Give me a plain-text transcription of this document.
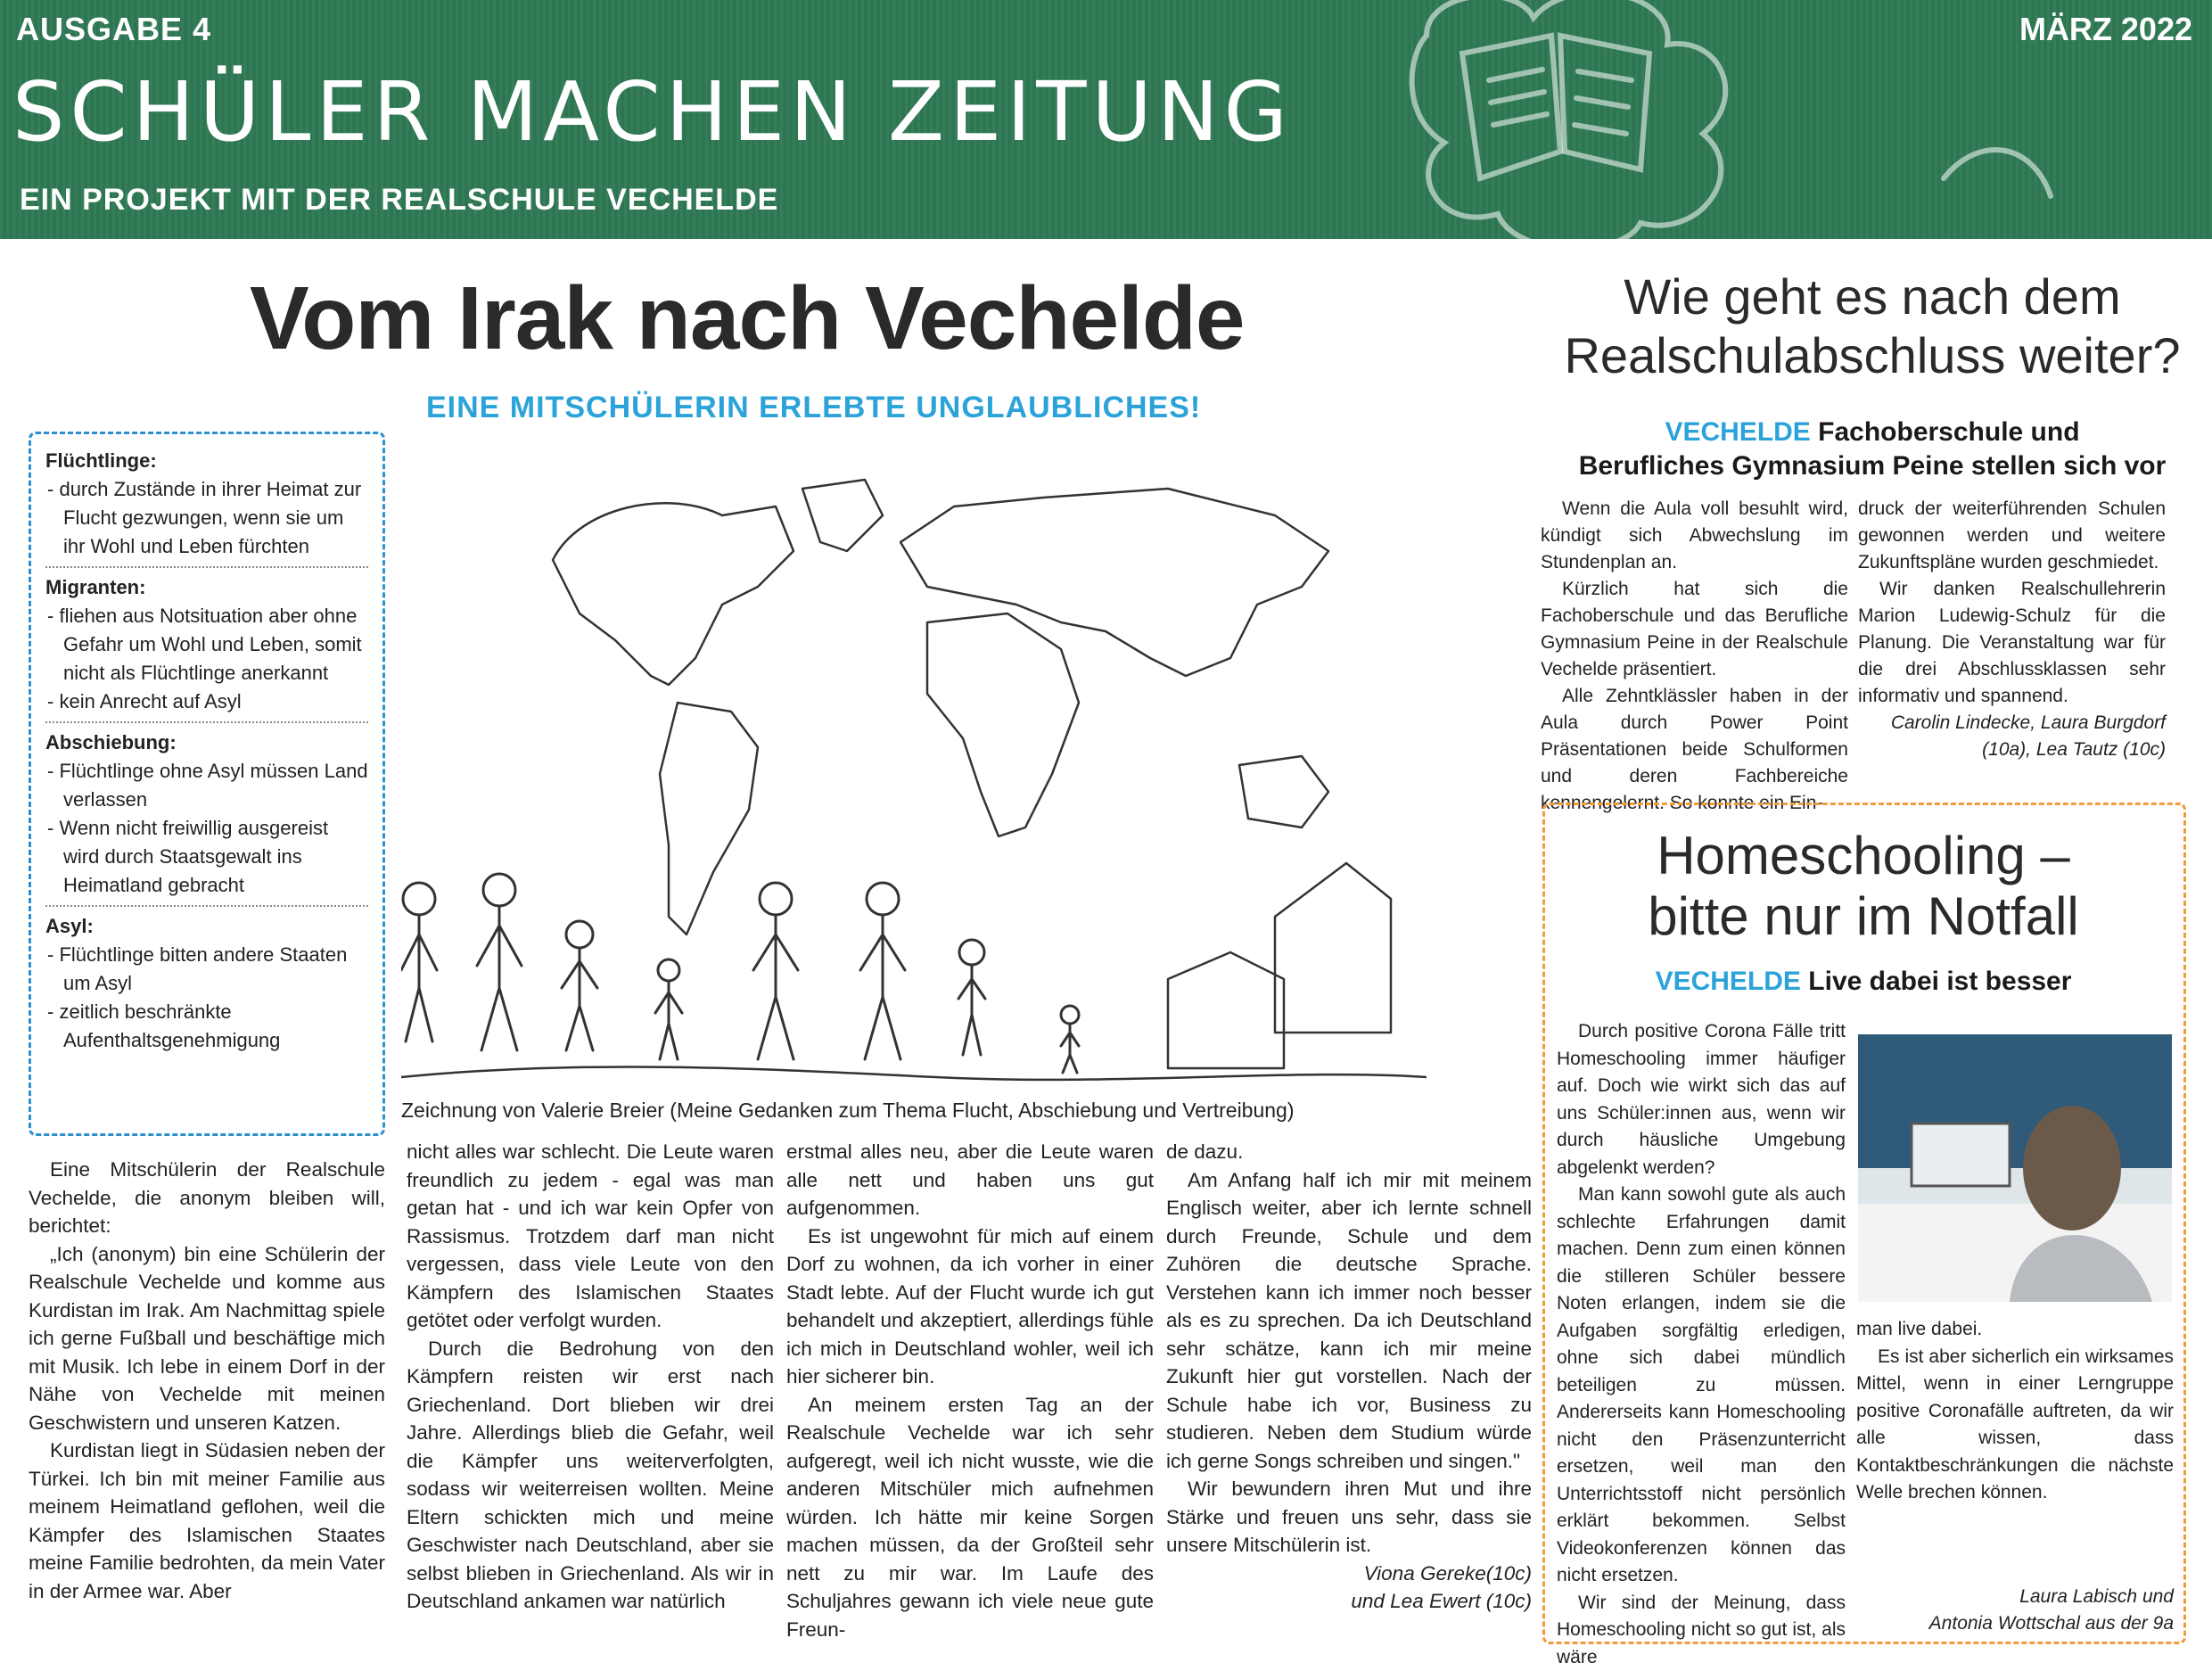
AUSGABE 4	MÄRZ 2022
SCHÜLER MACHEN ZEITUNG
EIN PROJEKT MIT DER REALSCHULE VECHELDE
Vom Irak nach Vechelde
EINE MITSCHÜLERIN ERLEBTE UNGLAUBLICHES!
Flüchtlinge:
- durch Zustände in ihrer Heimat zur Flucht gezwungen, wenn sie um ihr Wohl und Leben fürchten
Migranten:
- fliehen aus Notsituation aber ohne Gefahr um Wohl und Leben, somit nicht als Flüchtlinge anerkannt
- kein Anrecht auf Asyl
Abschiebung:
- Flüchtlinge ohne Asyl müssen Land verlassen
- Wenn nicht freiwillig ausgereist wird durch Staatsgewalt ins Heimatland gebracht
Asyl:
- Flüchtlinge bitten andere Staaten um Asyl
- zeitlich beschränkte Aufenthaltsgenehmigung
Zeichnung von Valerie Breier (Meine Gedanken zum Thema Flucht, Abschiebung und Vertreibung)

Eine Mitschülerin der Realschule Vechelde, die anonym bleiben will, berichtet:

„Ich (anonym) bin eine Schülerin der Realschule Vechelde und komme aus Kurdistan im Irak. Am Nachmittag spiele ich gerne Fußball und beschäftige mich mit Musik. Ich lebe in einem Dorf in der Nähe von Vechelde mit meinen Geschwistern und unseren Katzen.

Kurdistan liegt in Südasien neben der Türkei. Ich bin mit meiner Familie aus meinem Heimatland geflohen, weil die Kämpfer des Islamischen Staates meine Familie bedrohten, da mein Vater in der Armee war. Aber

nicht alles war schlecht. Die Leute waren freundlich zu jedem - egal was man getan hat - und ich war kein Opfer von Rassismus. Trotzdem darf man nicht vergessen, dass viele Leute von den Kämpfern des Islamischen Staates getötet oder verfolgt wurden.

Durch die Bedrohung von den Kämpfern reisten wir erst nach Griechenland. Dort blieben wir drei Jahre. Allerdings blieb die Gefahr, weil die Kämpfer uns weiterverfolgten, sodass wir weiterreisen wollten. Meine Eltern schickten mich und meine Geschwister nach Deutschland, aber sie selbst blieben in Griechenland. Als wir in Deutschland ankamen war natürlich

erstmal alles neu, aber die Leute waren alle nett und haben uns gut aufgenommen.

Es ist ungewohnt für mich auf einem Dorf zu wohnen, da ich vorher in einer Stadt lebte. Auf der Flucht wurde ich gut behandelt und akzeptiert, allerdings fühle ich mich in Deutschland wohler, weil ich hier sicherer bin.

An meinem ersten Tag an der Realschule Vechelde war ich sehr aufgeregt, weil ich nicht wusste, wie die anderen Mitschüler mich aufnehmen würden. Ich hätte mir keine Sorgen machen müssen, da der Großteil sehr nett zu mir war. Im Laufe des Schuljahres gewann ich viele neue gute Freun-

de dazu.

Am Anfang half ich mir mit meinem Englisch weiter, aber ich lernte schnell durch Freunde, Schule und dem Zuhören die deutsche Sprache. Verstehen kann ich immer noch besser als es zu sprechen. Da ich Deutschland sehr schätze, kann ich mir meine Zukunft hier gut vorstellen. Nach der Schule habe ich vor, Business zu studieren. Neben dem Studium würde ich gerne Songs schreiben und singen."

Wir bewundern ihren Mut und ihre Stärke und freuen uns sehr, dass sie unsere Mitschülerin ist.

Viona Gereke(10c)

und Lea Ewert (10c)

Wie geht es nach dem Realschulabschluss weiter?
VECHELDE Fachoberschule und
Berufliches Gymnasium Peine stellen sich vor

Wenn die Aula voll besuhlt wird, kündigt sich Abwechslung im Stundenplan an.

Kürzlich hat sich die Fachoberschule und das Berufliche Gymnasium Peine in der Realschule Vechelde präsentiert.

Alle Zehntklässler haben in der Aula durch Power Point Präsentationen beide Schulformen und deren Fachbereiche kennengelernt. So konnte ein Ein-

druck der weiterführenden Schulen gewonnen werden und weitere Zukunftspläne wurden geschmiedet.

Wir danken Realschullehrerin Marion Ludewig-Schulz für die Planung. Die Veranstaltung war für die drei Abschlussklassen sehr informativ und spannend.

Carolin Lindecke, Laura Burgdorf

(10a), Lea Tautz (10c)

Homeschooling –
bitte nur im Notfall
VECHELDE Live dabei ist besser

Durch positive Corona Fälle tritt Homeschooling immer häufiger auf. Doch wie wirkt sich das auf uns Schüler:innen aus, wenn wir durch häusliche Umgebung abgelenkt werden?

Man kann sowohl gute als auch schlechte Erfahrungen damit machen. Denn zum einen können die stilleren Schüler bessere Noten erlangen, indem sie die Aufgaben sorgfältig erledigen, ohne sich dabei mündlich beteiligen zu müssen. Andererseits kann Homeschooling nicht den Präsenzunterricht ersetzen, weil man den Unterrichtsstoff nicht persönlich erklärt bekommen. Selbst Videokonferenzen können das nicht ersetzen.

Wir sind der Meinung, dass Homeschooling nicht so gut ist, als wäre

man live dabei.

Es ist aber sicherlich ein wirksames Mittel, wenn in einer Lerngruppe positive Coronafälle auftreten, da wir alle wissen, dass Kontaktbeschränkungen die nächste Welle brechen können.

Laura Labisch und

Antonia Wottschal aus der 9a
